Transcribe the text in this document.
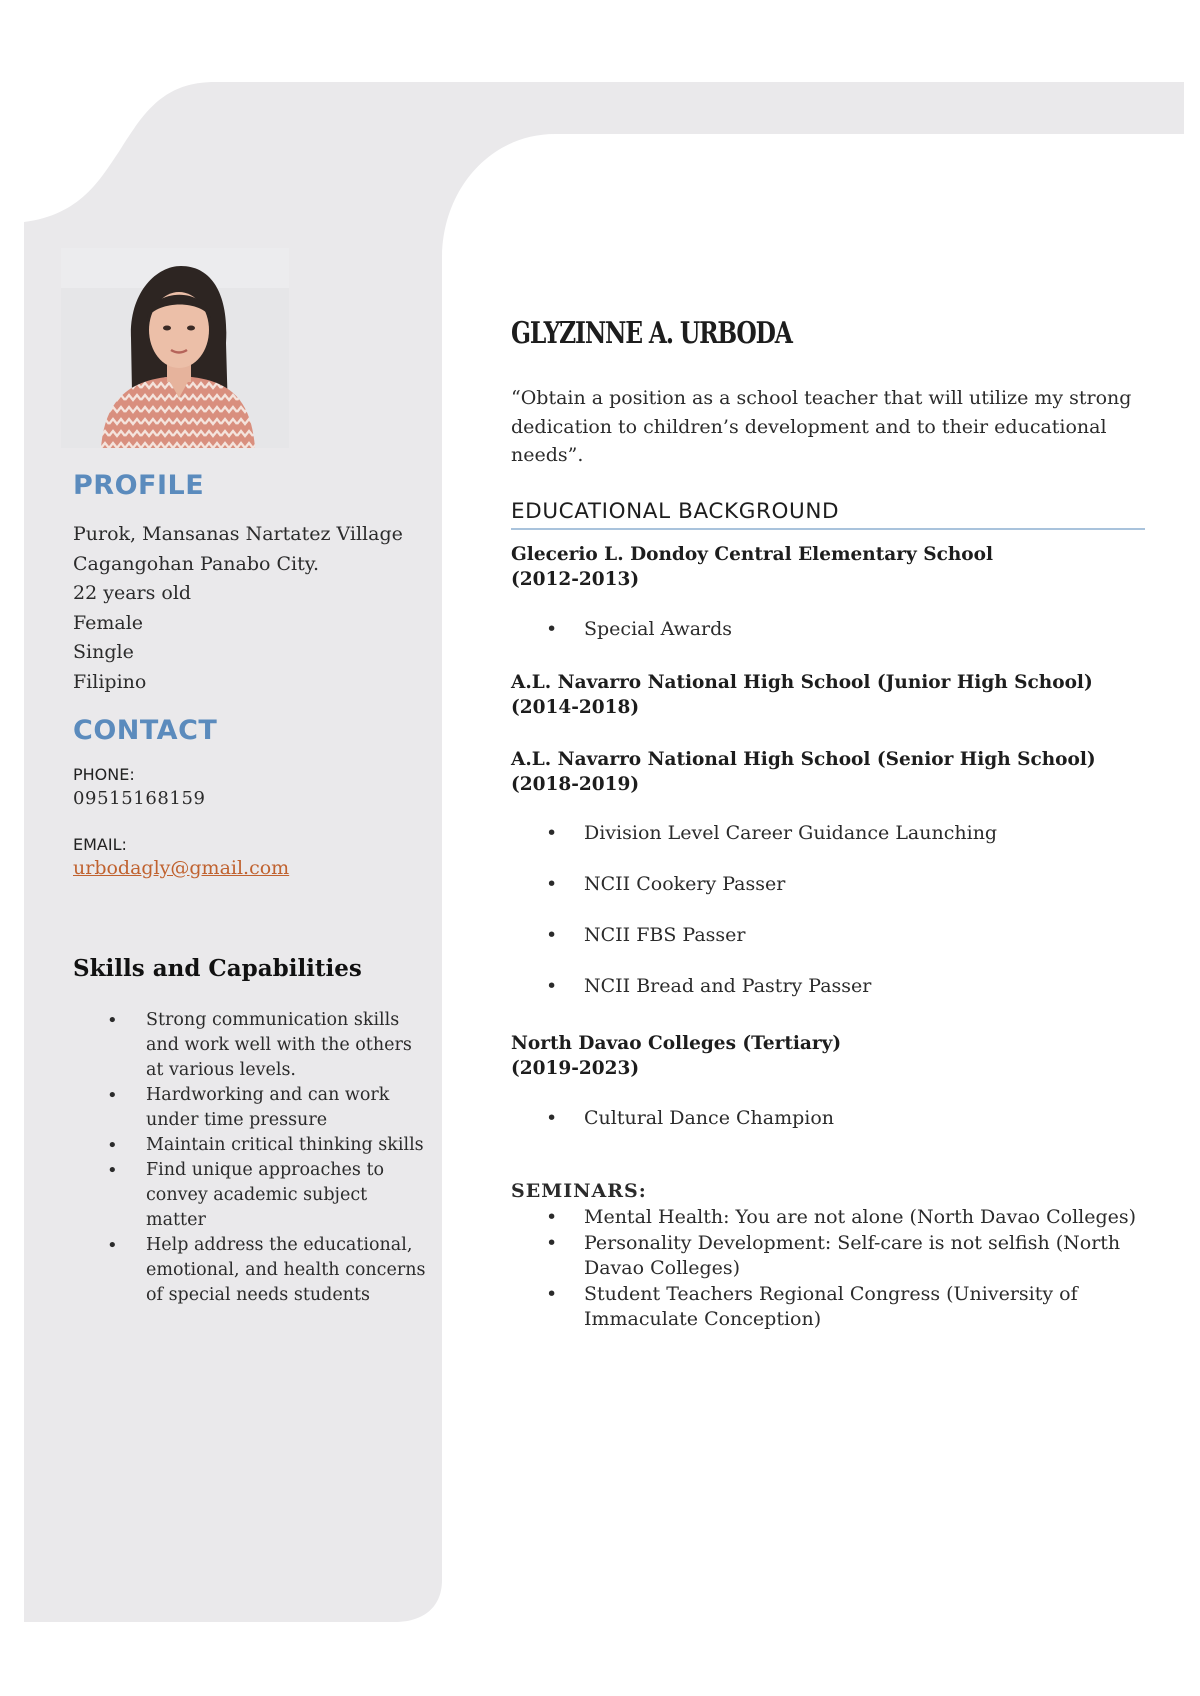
PROFILE
Purok, Mansanas Nartatez Village
Cagangohan Panabo City.
22 years old
Female
Single
Filipino
CONTACT
PHONE:
09515168159
EMAIL:
urbodagly@gmail.com
Skills and Capabilities
• Strong communication skills and work well with the others at various levels.
• Hardworking and can work under time pressure
• Maintain critical thinking skills
• Find unique approaches to convey academic subject matter
• Help address the educational, emotional, and health concerns of special needs students
GLYZINNE A. URBODA

“Obtain a position as a school teacher that will utilize my strong dedication to children’s development and to their educational needs”.

EDUCATIONAL BACKGROUND
Glecerio L. Dondoy Central Elementary School
(2012-2013)
• Special Awards
A.L. Navarro National High School (Junior High School)
(2014-2018)
A.L. Navarro National High School (Senior High School)
(2018-2019)
• Division Level Career Guidance Launching
• NCII Cookery Passer
• NCII FBS Passer
• NCII Bread and Pastry Passer
North Davao Colleges (Tertiary)
(2019-2023)
• Cultural Dance Champion
SEMINARS:
• Mental Health: You are not alone (North Davao Colleges)
• Personality Development: Self-care is not selfish (North Davao Colleges)
• Student Teachers Regional Congress (University of Immaculate Conception)
